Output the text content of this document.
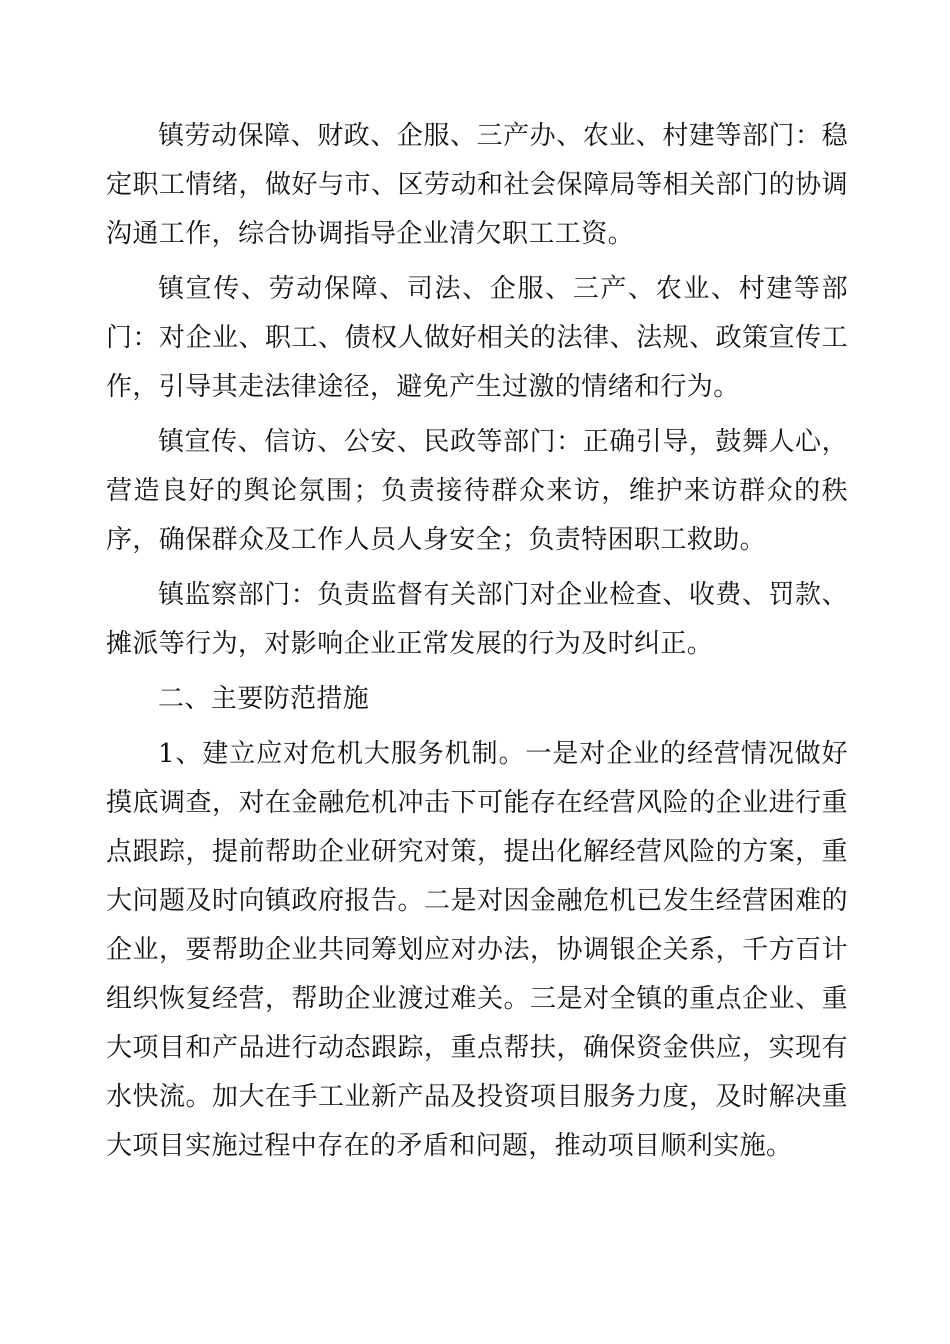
镇劳动保障、财政、企服、三产办、农业、村建等部门：稳定职工情绪，做好与市、区劳动和社会保障局等相关部门的协调沟通工作，综合协调指导企业清欠职工工资。

镇宣传、劳动保障、司法、企服、三产、农业、村建等部门：对企业、职工、债权人做好相关的法律、法规、政策宣传工作，引导其走法律途径，避免产生过激的情绪和行为。

镇宣传、信访、公安、民政等部门：正确引导，鼓舞人心，营造良好的舆论氛围；负责接待群众来访，维护来访群众的秩序，确保群众及工作人员人身安全；负责特困职工救助。

镇监察部门：负责监督有关部门对企业检查、收费、罚款、摊派等行为，对影响企业正常发展的行为及时纠正。

二、主要防范措施

1、建立应对危机大服务机制。一是对企业的经营情况做好摸底调查，对在金融危机冲击下可能存在经营风险的企业进行重点跟踪，提前帮助企业研究对策，提出化解经营风险的方案，重大问题及时向镇政府报告。二是对因金融危机已发生经营困难的企业，要帮助企业共同筹划应对办法，协调银企关系，千方百计组织恢复经营，帮助企业渡过难关。三是对全镇的重点企业、重大项目和产品进行动态跟踪，重点帮扶，确保资金供应，实现有水快流。加大在手工业新产品及投资项目服务力度，及时解决重大项目实施过程中存在的矛盾和问题，推动项目顺利实施。
